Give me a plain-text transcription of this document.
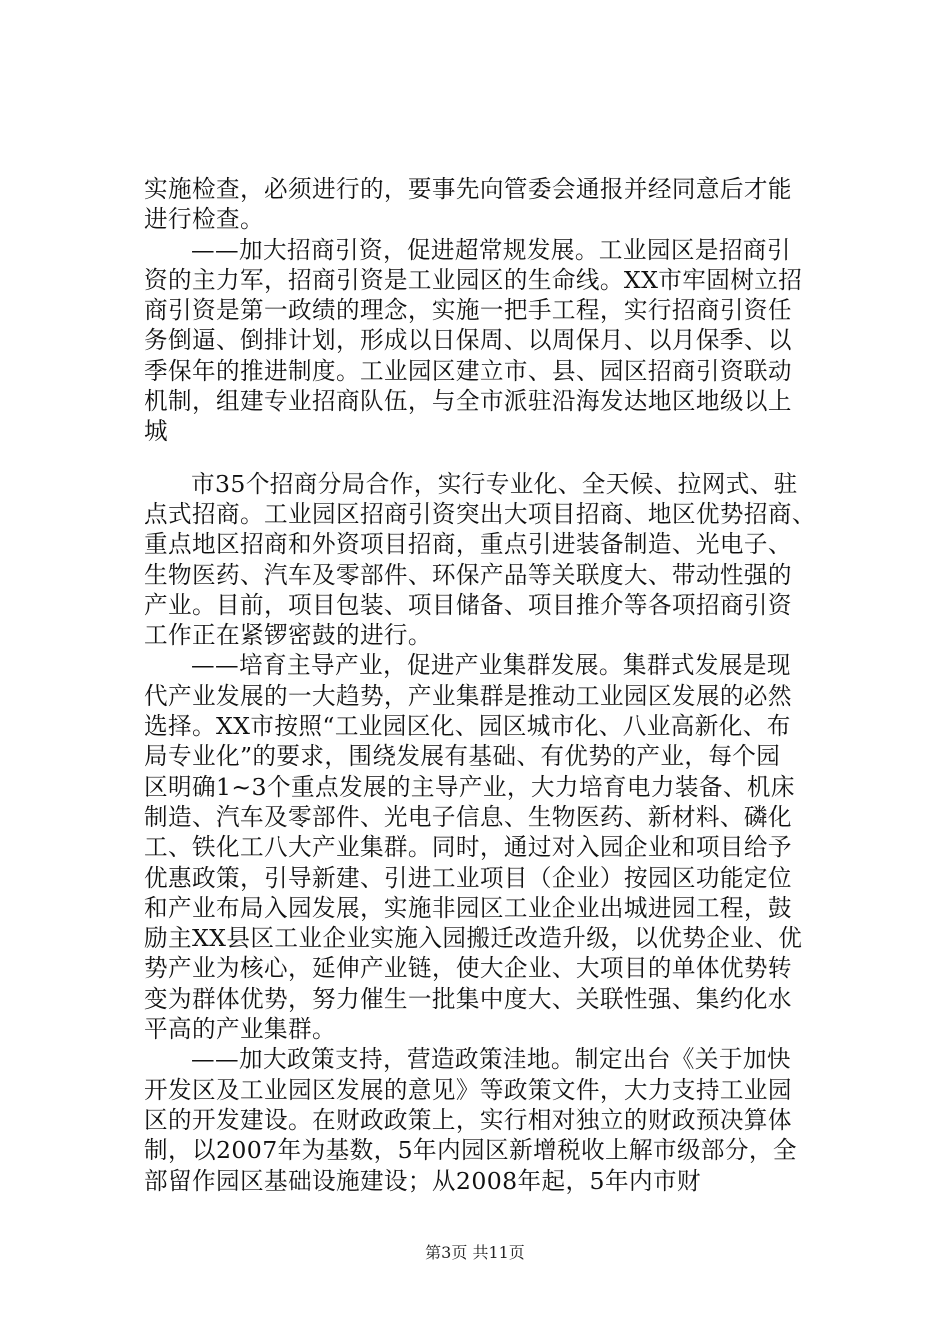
实施检查，必须进行的，要事先向管委会通报并经同意后才能
进行检查。
——加大招商引资，促进超常规发展。工业园区是招商引
资的主力军，招商引资是工业园区的生命线。XX市牢固树立招
商引资是第一政绩的理念，实施一把手工程，实行招商引资任
务倒逼、倒排计划，形成以日保周、以周保月、以月保季、以
季保年的推进制度。工业园区建立市、县、园区招商引资联动
机制，组建专业招商队伍，与全市派驻沿海发达地区地级以上
城
市35个招商分局合作，实行专业化、全天候、拉网式、驻
点式招商。工业园区招商引资突出大项目招商、地区优势招商、
重点地区招商和外资项目招商，重点引进装备制造、光电子、
生物医药、汽车及零部件、环保产品等关联度大、带动性强的
产业。目前，项目包装、项目储备、项目推介等各项招商引资
工作正在紧锣密鼓的进行。
——培育主导产业，促进产业集群发展。集群式发展是现
代产业发展的一大趋势，产业集群是推动工业园区发展的必然
选择。XX市按照“工业园区化、园区城市化、八业高新化、布
局专业化”的要求，围绕发展有基础、有优势的产业，每个园
区明确1~3个重点发展的主导产业，大力培育电力装备、机床
制造、汽车及零部件、光电子信息、生物医药、新材料、磷化
工、铁化工八大产业集群。同时，通过对入园企业和项目给予
优惠政策，引导新建、引进工业项目（企业）按园区功能定位
和产业布局入园发展，实施非园区工业企业出城进园工程，鼓
励主XX县区工业企业实施入园搬迁改造升级，以优势企业、优
势产业为核心，延伸产业链，使大企业、大项目的单体优势转
变为群体优势，努力催生一批集中度大、关联性强、集约化水
平高的产业集群。
——加大政策支持，营造政策洼地。制定出台《关于加快
开发区及工业园区发展的意见》等政策文件，大力支持工业园
区的开发建设。在财政政策上，实行相对独立的财政预决算体
制，以2007年为基数，5年内园区新增税收上解市级部分，全
部留作园区基础设施建设；从2008年起，5年内市财
第3页 共11页
